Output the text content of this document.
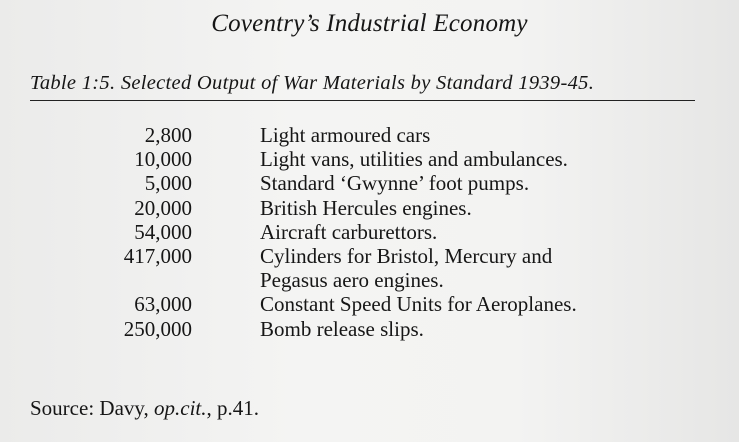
Coventry’s Industrial Economy
Table 1:5. Selected Output of War Materials by Standard 1939-45.
2,800	Light armoured cars
10,000	Light vans, utilities and ambulances.
5,000	Standard ‘Gwynne’ foot pumps.
20,000	British Hercules engines.
54,000	Aircraft carburettors.
417,000	Cylinders for Bristol, Mercury and
Pegasus aero engines.
63,000	Constant Speed Units for Aeroplanes.
250,000	Bomb release slips.
Source: Davy, op.cit., p.41.
